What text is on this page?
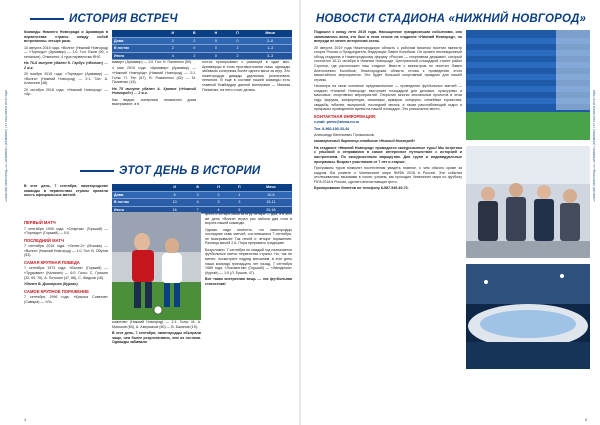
«НИЖНИЙ НОВГОРОД» vs «АРМАВИР» (АРМАВИР) | 07 СЕНТЯБРЯ 2019 ГОДА
ИСТОРИЯ ВСТРЕЧ
	И	В	Н	П	Мячи
Дома	2	2	0	0	2–0
В гостях	2	0	0	2	1–3
Итого	4	2	0	2	3–3

Команды Нижнего Новгорода и Армавира в первенствах страны между собой встречались четыре раза.

10 августа 2015 года. «Волга» (Нижний Новгород) — «Торпедо» (Армавир) — 1:0. Гол: Ежов (90, с пенальти). Отмечено: 4 тура первенства ФНЛ.

На 76-й минуте удален К. Гарбуз («Волга») — 2 ж.к.

29 ноября 2015 года. «Торпедо» (Армавир) — «Волга» (Нижний Новгород) — 2:1. Гол: А. Алексеев (48).

20 октября 2018 года. «Нижний Новгород» — «Ар-

мавир» (Армавир) — 1:0. Гол: Н. Палиенко (50).

4 мая 2019 года. «Армавир» (Армавир) — «Нижний Новгород» (Нижний Новгород) — 2:1. Голы: П. Тен (67), В. Романенко (82) — М. Палиенко (16).

На 75 минуте удален А. Храпов («Нижний Новгород») — 2 ж.к.

Как видим, соперники неизменно дома выигрывают, а в

гостях проигрывают с разницей в один мяч. Армавирцы в этом противостоянии лишь однажды забивали соперника более одного мяча за игру. Это нижегородцы дважды удалялись реализовать пенальти. В еще в составе нашей команды есть главный бомбардир данной винтерами — Максим Палиенко, на него стоит делать.

ЭТОТ ДЕНЬ В ИСТОРИИ

В этот день, 7 сентября, нижегородские команды в первенствах страны провели шесть официальных матчей.

	И	В	Н	П	Мячи
Дома	6	3	2	1	10-5
В гостях	10	4	3	3	15-11
Итого	16	7	4	5	25-16
ПЕРВЫЙ МАТЧ

7 сентября 1940 года. «Спартак» (Горький) — «Торпедо» (Горький) — 0:0.

ПОСЛЕДНИЙ МАТЧ

7 сентября 2015 года. «Зенит-2» (Москва) — «Волга» (Нижний Новгород) — 1:0. Гол: В. Обухов (53).

САМАЯ КРУПНАЯ ПОБЕДА

7 сентября 1973 года. «Волга» (Горький) — «Трудовые» (Калинин) — 6:0. Голы: С. Гришин (32, 69, 76), А. Потонин (47, 88), С. Жидков (16).

Удален В. Дмитриев (Курган).

САМОЕ КРУПНОЕ ПОРАЖЕНИЕ

7 сентября 1996 года. «Крылья Советов» (Самара) — «Ло-

комотив» (Нижний Новгород) — 2:1. Голы: М. А. Мальков (60), А. Аверьянов (80) — В. Баканов (19).

В этот день, 7 сентября, нижегородцы обыграли чаще, чем более результативно, чем их гостями. Однажды забивали

цесть и четыре мяча за игру четыре — два, а в этот же день «Волга» играл раз забили два гола в ворота нашей команды.

Однако надо отметить, что нижегородцы последние семь матчей, состоявшихся 7 сентября, не выигрывали! Так нечей и четыре поражения. Разница мячей 2-6. Пора прерывать традицию!

Безусловно, 7 сентября не каждый год назначается футбольные матчи первенства страны. Но, так не менее, посмотрите подряд вспомним, в этот день наша команда тринадцать лет назад, 7 сентября 1989 года, «Локомотив» (Горький) — «Звездочка» (Курган) — 1:0 (Л. Ершов, 47).

Вот такая интересная вещь — эта футбольная статистика!

4
НОВОСТИ СТАДИОНА «НИЖНИЙ НОВГОРОД»

Подошел к концу лето 2019 года. Насыщенное грандиозными событиями, оно запомнилось всем, кто был в этом сезоне на стадионе «Нижний Новгород», но впереди не менее интересная осень.

20 августа 2019 года Нижегородскую область с рабочим визитом посетил министр спорта России и Председатель Федерации Павел Колобков. Он провел инспекционный обход стадиона и Нижегородскому форуму «Россия — спортивная держава», который состоится 10-11 октября в Нижнем Новгороде. Центральной площадкой станет район Стрелки, где расположен наш стадион. Вместе с министром по посетил Павел Анатольевич Колобков, Нижегородская область готова к проведению этого масштабного мероприятия. Это будет большой спортивный праздник для нашей страны.

Несмотря на свою основное предназначение — проведение футбольных матчей — стадион «Нижний Новгород» выступает площадкой для деловых, культурных и массовых, спортивных мероприятий. Открытие многих эпохальных проектов в этом году: форумы, конференции, семинары, ярмарки, концерты, семейные торжества, свадьбы, юбилеи, выпускной, последний звонок, а также расслабляющий отдых и прекрасно проведенное время на нашей площадке. Это уникальное место.

КОНТАКТНАЯ ИНФОРМАЦИЯ:

e-mail: press@arena.nn.ru

Тел. 8-960-190-33-44

Александр Евгеньевич Поташников,

коммерческий директор стадиона «Нижний Новгород»

На стадионе «Нижний Новгород» проводится экскурсионные туры! Мы встретим с улыбкой и отправимся в самое интересное путешествие с историей и настроением. По экскурсионным маршрутам. Для групп и индивидуальные программы. Возраст участников от 7 лет и старше.

Программы туров позволят посетителям увидеть главное, о чем обычно кроме за кадром. Вы узнаете о Чемпионате мира ФИФА 2018 в России, Эти события отслеживались вызовами в холле, узнаем, как проходил Чемпионат мира по футболу FIFA 2018 в России, сделать впечатляющие фото.

Бронирование билетов по телефону 8-987-549-49-70.	«НИЖНИЙ НОВГОРОД» vs «АРМАВИР» (АРМАВИР) | 07 СЕНТЯБРЯ 2019 ГОДА
5
